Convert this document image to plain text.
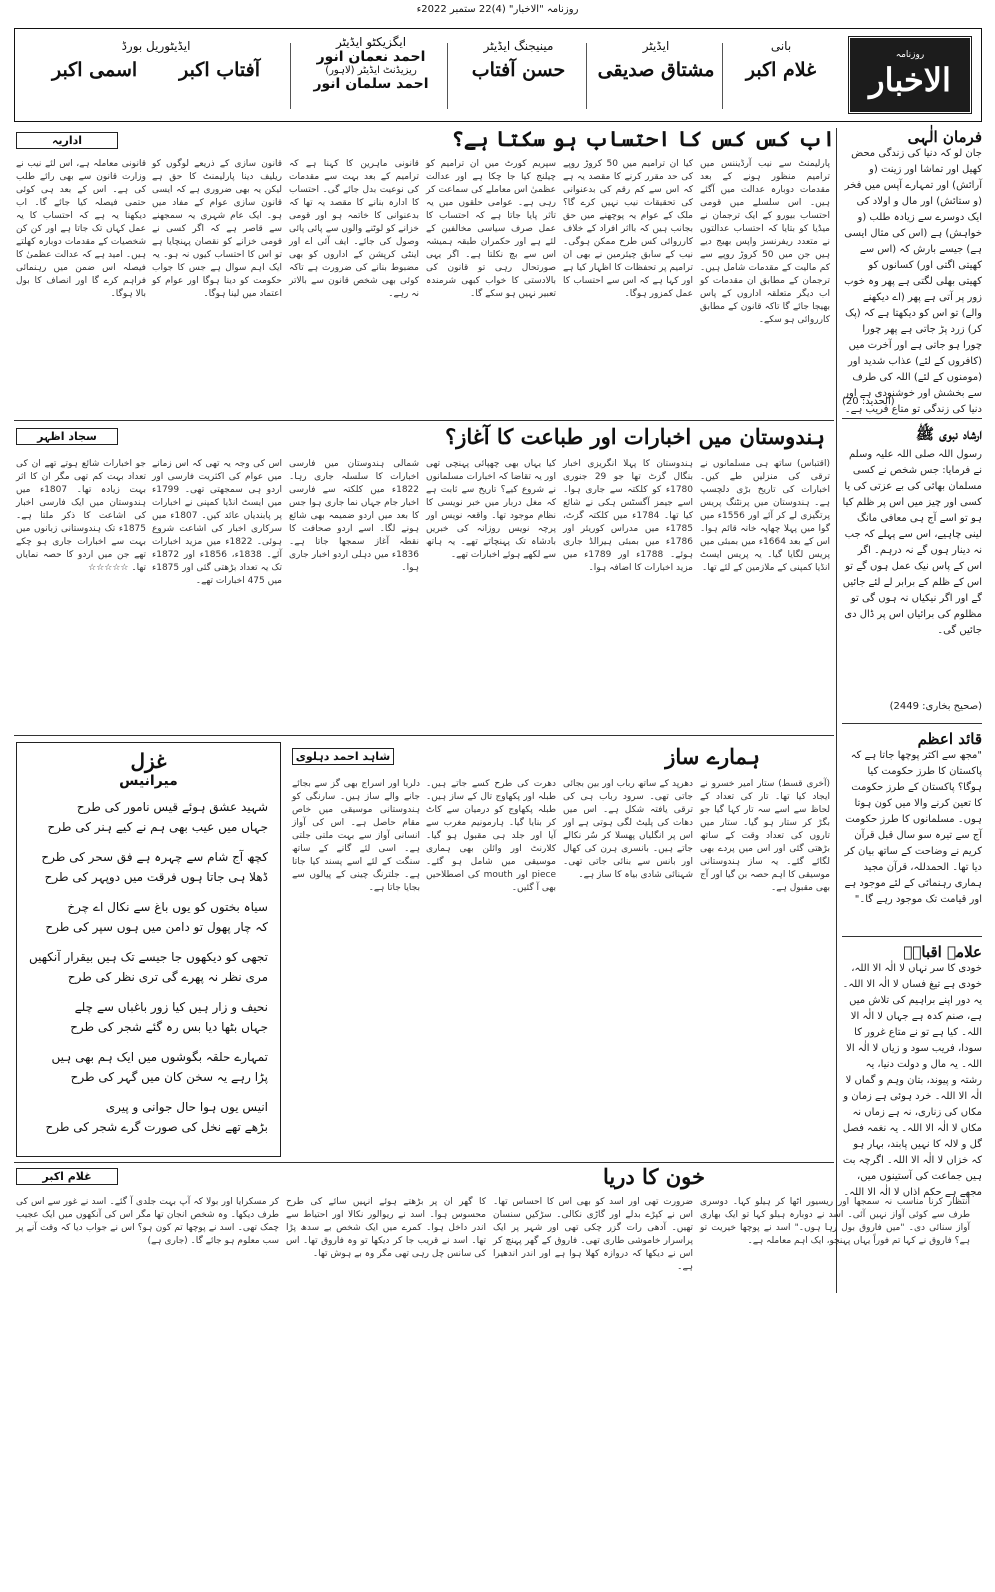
روزنامہ "الاخبار" (4)22 ستمبر 2022ء
روزنامہ
الاخبار
بانی
غلام اکبر
ایڈیٹر
مشتاق صدیقی
مینیجنگ ایڈیٹر
حسن آفتاب
ایگزیکٹو ایڈیٹر
احمد نعمان انور
ریزیڈنٹ ایڈیٹر (لاہور)
احمد سلمان انور
ایڈیٹوریل بورڈ
آفتاب اکبر
اسمی اکبر
فرمان الٰہی
جان لو کہ دنیا کی زندگی محض کھیل اور تماشا اور زینت (و آرائش) اور تمہارے آپس میں فخر (و ستائش) اور مال و اولاد کی ایک دوسرے سے زیادہ طلب (و خواہش) ہے (اس کی مثال ایسی ہے) جیسے بارش کہ (اس سے کھیتی اگتی اور) کسانوں کو کھیتی بھلی لگتی ہے پھر وہ خوب زور پر آتی ہے پھر (اے دیکھنے والے) تو اس کو دیکھتا ہے کہ (پک کر) زرد پڑ جاتی ہے پھر چورا چورا ہو جاتی ہے اور آخرت میں (کافروں کے لئے) عذاب شدید اور (مومنوں کے لئے) اللہ کی طرف سے بخشش اور خوشنودی ہے اور دنیا کی زندگی تو متاع فریب ہے۔
(الحدید: 20)
ارشاد نبوی ﷺ
رسول اللہ صلی اللہ علیہ وسلم نے فرمایا: جس شخص نے کسی مسلمان بھائی کی بے عزتی کی یا کسی اور چیز میں اس پر ظلم کیا ہو تو اسے آج ہی معافی مانگ لینی چاہیے، اس سے پہلے کہ جب نہ دینار ہوں گے نہ درہم۔ اگر اس کے پاس نیک عمل ہوں گے تو اس کے ظلم کے برابر لے لئے جائیں گے اور اگر نیکیاں نہ ہوں گی تو مظلوم کی برائیاں اس پر ڈال دی جائیں گی۔
(صحیح بخاری: 2449)
قائد اعظم
"مجھ سے اکثر پوچھا جاتا ہے کہ پاکستان کا طرز حکومت کیا ہوگا؟ پاکستان کے طرز حکومت کا تعین کرنے والا میں کون ہوتا ہوں۔ مسلمانوں کا طرز حکومت آج سے تیرہ سو سال قبل قرآن کریم نے وضاحت کے ساتھ بیان کر دیا تھا۔ الحمدللہ، قرآن مجید ہماری رہنمائی کے لئے موجود ہے اور قیامت تک موجود رہے گا۔"
علامہ اقبالؒ
خودی کا سر نہاں لا الٰہ الا اللہ، خودی ہے تیغ فساں لا الٰہ الا اللہ۔ یہ دور اپنے براہیم کی تلاش میں ہے، صنم کدہ ہے جہاں لا الٰہ الا اللہ۔ کیا ہے تو نے متاع غرور کا سودا، فریب سود و زیاں لا الٰہ الا اللہ۔ یہ مال و دولت دنیا، یہ رشتہ و پیوند، بتان وہم و گماں لا الٰہ الا اللہ۔ خرد ہوئی ہے زمان و مکاں کی زناری، نہ ہے زماں نہ مکاں لا الٰہ الا اللہ۔ یہ نغمہ فصل گل و لالہ کا نہیں پابند، بہار ہو کہ خزاں لا الٰہ الا اللہ۔ اگرچہ بت ہیں جماعت کی آستینوں میں، مجھے ہے حکم اذاں لا الٰہ الا اللہ۔
اداریہ	اب کس کس کا احتساب ہو سکتا ہے؟
پارلیمنٹ سے نیب آرڈیننس میں ترامیم منظور ہونے کے بعد مقدمات دوبارہ عدالت میں آگئے ہیں۔ اس سلسلے میں قومی احتساب بیورو کے ایک ترجمان نے میڈیا کو بتایا کہ احتساب عدالتوں نے متعدد ریفرنسز واپس بھیج دیے ہیں جن میں 50 کروڑ روپے سے کم مالیت کے مقدمات شامل ہیں۔ ترجمان کے مطابق ان مقدمات کو اب دیگر متعلقہ اداروں کے پاس بھیجا جائے گا تاکہ قانون کے مطابق کارروائی ہو سکے۔
کیا ان ترامیم میں 50 کروڑ روپے کی حد مقرر کرنے کا مقصد یہ ہے کہ اس سے کم رقم کی بدعنوانی کی تحقیقات نیب نہیں کرے گا؟ ملک کے عوام یہ پوچھنے میں حق بجانب ہیں کہ بااثر افراد کے خلاف کارروائی کس طرح ممکن ہوگی۔ نیب کے سابق چیئرمین نے بھی ان ترامیم پر تحفظات کا اظہار کیا ہے اور کہا ہے کہ اس سے احتساب کا عمل کمزور ہوگا۔
سپریم کورٹ میں ان ترامیم کو چیلنج کیا جا چکا ہے اور عدالت عظمیٰ اس معاملے کی سماعت کر رہی ہے۔ عوامی حلقوں میں یہ تاثر پایا جاتا ہے کہ احتساب کا عمل صرف سیاسی مخالفین کے لئے ہے اور حکمران طبقہ ہمیشہ اس سے بچ نکلتا ہے۔ اگر یہی صورتحال رہی تو قانون کی بالادستی کا خواب کبھی شرمندہ تعبیر نہیں ہو سکے گا۔
قانونی ماہرین کا کہنا ہے کہ ترامیم کے بعد بہت سے مقدمات کی نوعیت بدل جائے گی۔ احتساب کا ادارہ بنانے کا مقصد یہ تھا کہ بدعنوانی کا خاتمہ ہو اور قومی خزانے کو لوٹنے والوں سے پائی پائی وصول کی جائے۔ ایف آئی اے اور اینٹی کرپشن کے اداروں کو بھی مضبوط بنانے کی ضرورت ہے تاکہ کوئی بھی شخص قانون سے بالاتر نہ رہے۔
قانون سازی کے ذریعے لوگوں کو ریلیف دینا پارلیمنٹ کا حق ہے لیکن یہ بھی ضروری ہے کہ ایسی قانون سازی عوام کے مفاد میں ہو۔ ایک عام شہری یہ سمجھنے سے قاصر ہے کہ اگر کسی نے قومی خزانے کو نقصان پہنچایا ہے تو اس کا احتساب کیوں نہ ہو۔ یہ ایک اہم سوال ہے جس کا جواب حکومت کو دینا ہوگا اور عوام کو اعتماد میں لینا ہوگا۔
قانونی معاملہ ہے، اس لئے نیب نے وزارت قانون سے بھی رائے طلب کی ہے۔ اس کے بعد ہی کوئی حتمی فیصلہ کیا جائے گا۔ اب دیکھنا یہ ہے کہ احتساب کا یہ عمل کہاں تک جاتا ہے اور کن کن شخصیات کے مقدمات دوبارہ کھلتے ہیں۔ امید ہے کہ عدالت عظمیٰ کا فیصلہ اس ضمن میں رہنمائی فراہم کرے گا اور انصاف کا بول بالا ہوگا۔
سجاد اظہر	ہندوستان میں اخبارات اور طباعت کا آغاز؟
(اقتباس) ساتھ ہی مسلمانوں نے ترقی کی منزلیں طے کیں۔ اخبارات کی تاریخ بڑی دلچسپ ہے۔ ہندوستان میں پرنٹنگ پریس پرتگیزی لے کر آئے اور 1556ء میں گوا میں پہلا چھاپہ خانہ قائم ہوا۔ اس کے بعد 1664ء میں بمبئی میں پریس لگایا گیا۔ یہ پریس ایسٹ انڈیا کمپنی کے ملازمین کے لئے تھا۔
ہندوستان کا پہلا انگریزی اخبار بنگال گزٹ تھا جو 29 جنوری 1780ء کو کلکتہ سے جاری ہوا۔ اسے جیمز آگسٹس ہکی نے شائع کیا تھا۔ 1784ء میں کلکتہ گزٹ، 1785ء میں مدراس کوریئر اور 1786ء میں بمبئی ہیرالڈ جاری ہوئے۔ 1788ء اور 1789ء میں مزید اخبارات کا اضافہ ہوا۔
کیا یہاں بھی چھپائی پہنچی تھی اور یہ تقاضا کہ اخبارات مسلمانوں نے شروع کیے؟ تاریخ سے ثابت ہے کہ مغل دربار میں خبر نویسی کا نظام موجود تھا۔ واقعہ نویس اور پرچہ نویس روزانہ کی خبریں بادشاہ تک پہنچاتے تھے۔ یہ ہاتھ سے لکھے ہوئے اخبارات تھے۔
شمالی ہندوستان میں فارسی اخبارات کا سلسلہ جاری رہا۔ 1822ء میں کلکتہ سے فارسی اخبار جام جہاں نما جاری ہوا جس کا بعد میں اردو ضمیمہ بھی شائع ہونے لگا۔ اسے اردو صحافت کا نقطہ آغاز سمجھا جاتا ہے۔ 1836ء میں دہلی اردو اخبار جاری ہوا۔
اس کی وجہ یہ تھی کہ اس زمانے میں عوام کی اکثریت فارسی اور اردو ہی سمجھتی تھی۔ 1799ء میں ایسٹ انڈیا کمپنی نے اخبارات پر پابندیاں عائد کیں۔ 1807ء میں سرکاری اخبار کی اشاعت شروع ہوئی۔ 1822ء میں مزید اخبارات آئے۔ 1838ء، 1856ء اور 1872ء تک یہ تعداد بڑھتی گئی اور 1875ء میں 475 اخبارات تھے۔
جو اخبارات شائع ہوتے تھے ان کی تعداد بہت کم تھی مگر ان کا اثر بہت زیادہ تھا۔ 1807ء میں ہندوستان میں ایک فارسی اخبار کی اشاعت کا ذکر ملتا ہے۔ 1875ء تک ہندوستانی زبانوں میں بہت سے اخبارات جاری ہو چکے تھے جن میں اردو کا حصہ نمایاں تھا۔ ☆☆☆☆☆
غزل
میرانیس

شہید عشق ہوئے قیس نامور کی طرح

جہاں میں عیب بھی ہم نے کیے ہنر کی طرح

کچھ آج شام سے چہرہ ہے فق سحر کی طرح

ڈھلا ہی جاتا ہوں فرقت میں دوپہر کی طرح

سیاہ بختوں کو یوں باغ سے نکال اے چرخ

کہ چار پھول تو دامن میں ہوں سپر کی طرح

تجھی کو دیکھوں جا جیسے تک ہیں بیقرار آنکھیں

مری نظر نہ پھرے گی تری نظر کی طرح

نحیف و زار ہیں کیا زور باغباں سے چلے

جہاں بٹھا دیا بس رہ گئے شجر کی طرح

تمہارے حلقہ بگوشوں میں ایک ہم بھی ہیں

پڑا رہے یہ سخن کان میں گہر کی طرح

انیس یوں ہوا حال جوانی و پیری

بڑھے تھے نخل کی صورت گرے شجر کی طرح

شاہد احمد دہلوی	ہمارے ساز
(آخری قسط) ستار امیر خسرو نے ایجاد کیا تھا۔ تار کی تعداد کے لحاظ سے اسے سہ تار کہا گیا جو بگڑ کر ستار ہو گیا۔ ستار میں تاروں کی تعداد وقت کے ساتھ بڑھتی گئی اور اس میں پردے بھی لگائے گئے۔ یہ ساز ہندوستانی موسیقی کا اہم حصہ بن گیا اور آج بھی مقبول ہے۔
دھرپد کے ساتھ رباب اور بین بجائی جاتی تھی۔ سرود رباب ہی کی ترقی یافتہ شکل ہے۔ اس میں دھات کی پلیٹ لگی ہوتی ہے اور اس پر انگلیاں پھسلا کر سُر نکالے جاتے ہیں۔ بانسری ہرن کی کھال اور بانس سے بنائی جاتی تھی۔ شہنائی شادی بیاہ کا ساز ہے۔
دھرت کی طرح کسے جاتے ہیں۔ طبلہ اور پکھاوج تال کے ساز ہیں۔ طبلہ پکھاوج کو درمیان سے کاٹ کر بنایا گیا۔ ہارمونیم مغرب سے آیا اور جلد ہی مقبول ہو گیا۔ کلارنٹ اور وائلن بھی ہماری موسیقی میں شامل ہو گئے۔ piece اور mouth کی اصطلاحیں بھی آ گئیں۔
دلربا اور اسراج بھی گز سے بجائے جانے والے ساز ہیں۔ سارنگی کو ہندوستانی موسیقی میں خاص مقام حاصل ہے۔ اس کی آواز انسانی آواز سے بہت ملتی جلتی ہے۔ اسی لئے گانے کے ساتھ سنگت کے لئے اسے پسند کیا جاتا ہے۔ جلترنگ چینی کے پیالوں سے بجایا جاتا ہے۔
غلام اکبر	خون کا دریا
انتظار کرنا مناسب نہ سمجھا اور ریسیور اٹھا کر ہیلو کہا۔ دوسری طرف سے کوئی آواز نہیں آئی۔ اسد نے دوبارہ ہیلو کہا تو ایک بھاری آواز سنائی دی۔ "میں فاروق بول رہا ہوں۔" اسد نے پوچھا خیریت تو ہے؟ فاروق نے کہا تم فوراً یہاں پہنچو، ایک اہم معاملہ ہے۔
ضرورت تھی اور اسد کو بھی اس کا احساس تھا۔ اس نے کپڑے بدلے اور گاڑی نکالی۔ سڑکیں سنسان تھیں۔ آدھی رات گزر چکی تھی اور شہر پر ایک پراسرار خاموشی طاری تھی۔ فاروق کے گھر پہنچ کر اس نے دیکھا کہ دروازہ کھلا ہوا ہے اور اندر اندھیرا ہے۔
کا گھر ان پر بڑھتے ہوئے انہیں سائے کی طرح محسوس ہوا۔ اسد نے ریوالور نکالا اور احتیاط سے اندر داخل ہوا۔ کمرے میں ایک شخص بے سدھ پڑا تھا۔ اسد نے قریب جا کر دیکھا تو وہ فاروق تھا۔ اس کی سانس چل رہی تھی مگر وہ بے ہوش تھا۔
کر مسکرایا اور بولا کہ آپ بہت جلدی آ گئے۔ اسد نے غور سے اس کی طرف دیکھا۔ وہ شخص انجان تھا مگر اس کی آنکھوں میں ایک عجیب چمک تھی۔ اسد نے پوچھا تم کون ہو؟ اس نے جواب دیا کہ وقت آنے پر سب معلوم ہو جائے گا۔ (جاری ہے)
